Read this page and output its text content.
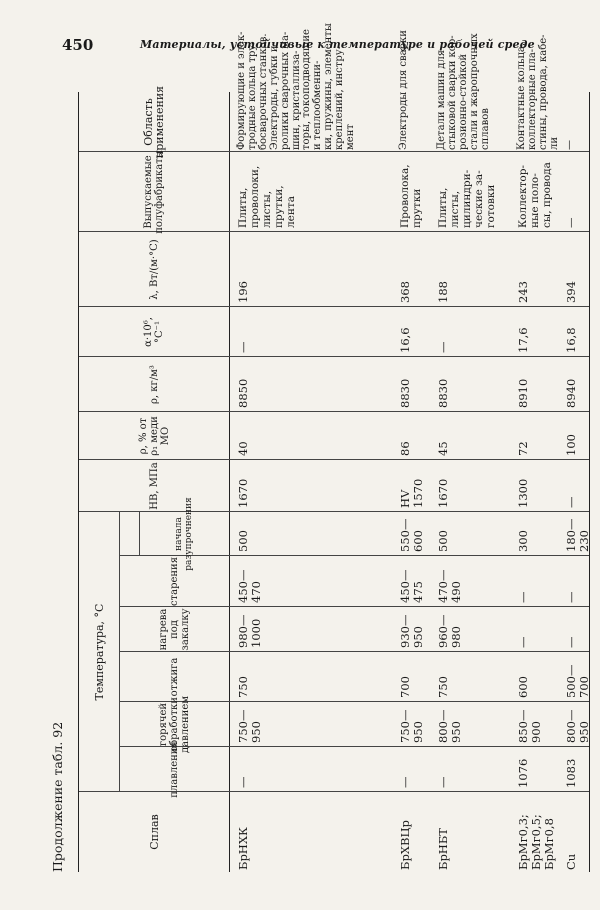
450	Материалы, устойчивые к температуре и рабочей среде
Продолжение табл. 92	Сплав
Температура, °С
плавления
горячей обработки давлением
отжига
нагрева под закалку
старения
начала разупрочнения
HB, МПа
ρ, % от ρ₁ меди МО
ρ, кг/м³
α·10⁶, °С⁻¹
λ, Вт/(м·°С)
Выпускаемые полуфабрикаты
Область применения
БрНХК
—
750—
950
750
980—
1000
450—
470
500
1670
40
8850
—
196
Плиты,
проволоки,
листы,
прутки,
лента
Формирующие и элек-
тродные кольца тру-
босварочных станков.
Электроды, губки и
ролики сварочных ма-
шин, кристаллиза-
торы, токоподводящие
и теплообменни-
ки, пружины, элементы
креплений, инстру-
мент
БрХВЦр
—
750—
950
700
930—
950
450—
475
550—
600
HV
1570
86
8830
16,6
368
Проволока,
прутки
Электроды для сварки
БрНБТ
—
800—
950
750
960—
980
470—
490
500
1670
45
8830
—
188
Плиты,
листы,
цилиндри-
ческие за-
готовки
Детали машин для
стыковой сварки кор-
розионно-стойкой
стали и жаропрочных
сплавов
БрМг0,3;
БрМг0,5;
БрМг0,8
1076
850—
900
600
—
—
300
1300
72
8910
17,6
243
Коллектор-
ные поло-
сы, провода
Контактные кольца,
коллекторные пла-
стины, провода, кабе-
ли
Cu
1083
800—
950
500—
700
—
—
180—
230
—
100
8940
16,8
394
—
—
